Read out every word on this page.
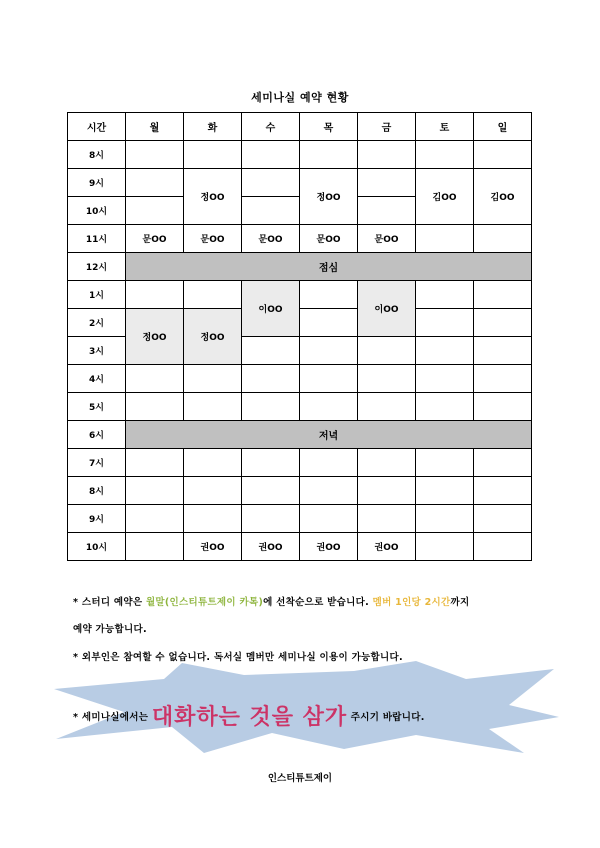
세미나실 예약 현황
시간	월	화	수	목	금	토	일
8시							
9시		정OO		정OO		김OO	김OO
10시							
11시	문OO	문OO	문OO	문OO	문OO		
12시	점심						
1시			이OO		이OO		
2시	정OO	정OO					
3시							
4시							
5시							
6시	저녁						
7시							
8시							
9시							
10시		권OO	권OO	권OO	권OO		
* 스터디 예약은 월말(인스티튜트제이 카톡)에 선착순으로 받습니다. 멤버 1인당 2시간까지
예약 가능합니다.
* 외부인은 참여할 수 없습니다. 독서실 멤버만 세미나실 이용이 가능합니다.
* 세미나실에서는 대화하는 것을 삼가 주시기 바랍니다.
인스티튜트제이
